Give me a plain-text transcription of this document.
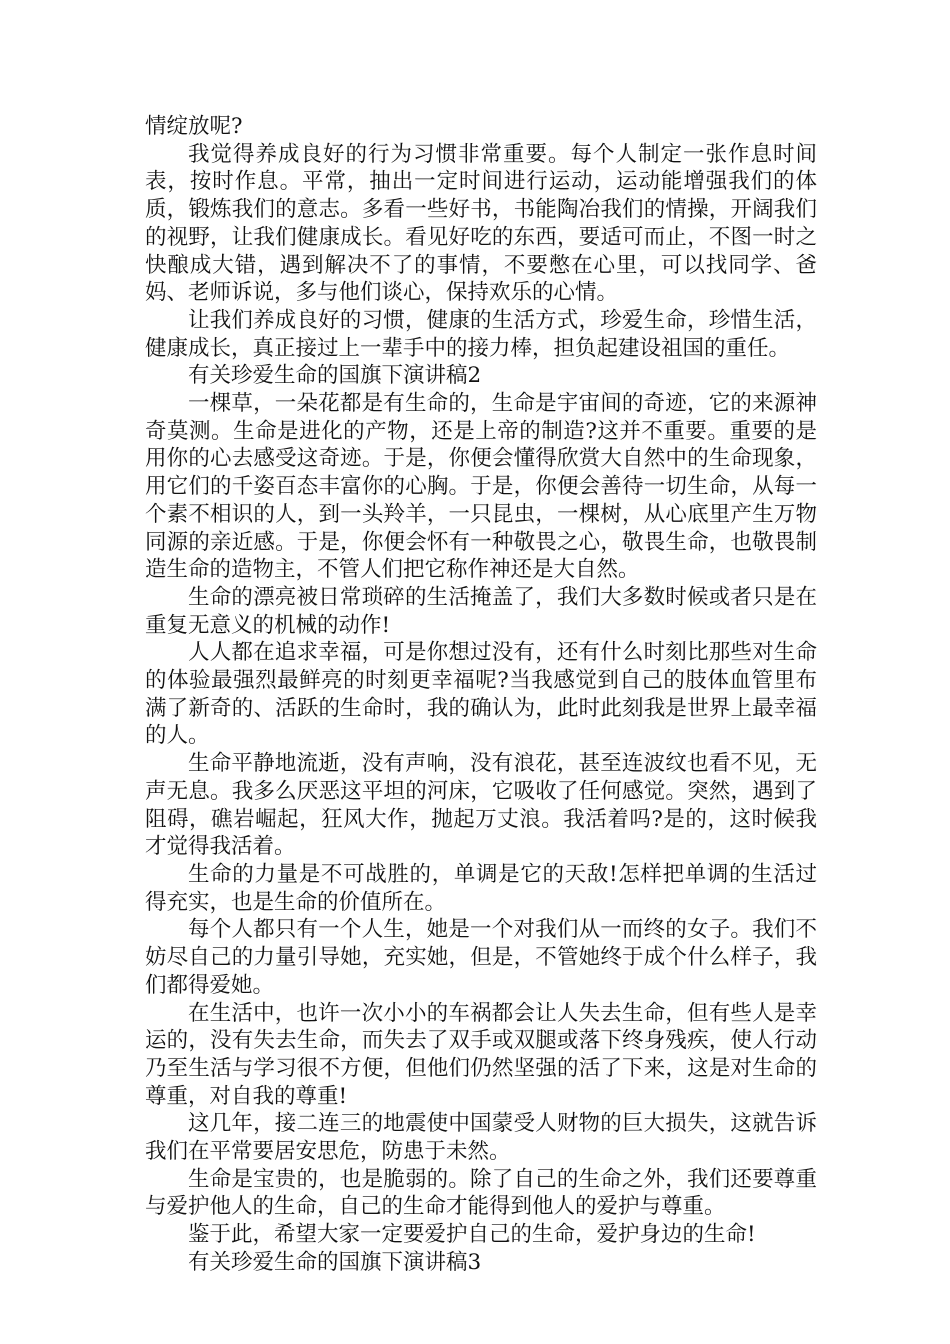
情绽放呢?

我觉得养成良好的行为习惯非常重要。每个人制定一张作息时间表，按时作息。平常，抽出一定时间进行运动，运动能增强我们的体质，锻炼我们的意志。多看一些好书，书能陶冶我们的情操，开阔我们的视野，让我们健康成长。看见好吃的东西，要适可而止，不图一时之快酿成大错，遇到解决不了的事情，不要憋在心里，可以找同学、爸妈、老师诉说，多与他们谈心，保持欢乐的心情。

让我们养成良好的习惯，健康的生活方式，珍爱生命，珍惜生活，健康成长，真正接过上一辈手中的接力棒，担负起建设祖国的重任。

有关珍爱生命的国旗下演讲稿2

一棵草，一朵花都是有生命的，生命是宇宙间的奇迹，它的来源神奇莫测。生命是进化的产物，还是上帝的制造?这并不重要。重要的是用你的心去感受这奇迹。于是，你便会懂得欣赏大自然中的生命现象，用它们的千姿百态丰富你的心胸。于是，你便会善待一切生命，从每一个素不相识的人，到一头羚羊，一只昆虫，一棵树，从心底里产生万物同源的亲近感。于是，你便会怀有一种敬畏之心，敬畏生命，也敬畏制造生命的造物主，不管人们把它称作神还是大自然。

生命的漂亮被日常琐碎的生活掩盖了，我们大多数时候或者只是在重复无意义的机械的动作!

人人都在追求幸福，可是你想过没有，还有什么时刻比那些对生命的体验最强烈最鲜亮的时刻更幸福呢?当我感觉到自己的肢体血管里布满了新奇的、活跃的生命时，我的确认为，此时此刻我是世界上最幸福的人。

生命平静地流逝，没有声响，没有浪花，甚至连波纹也看不见，无声无息。我多么厌恶这平坦的河床，它吸收了任何感觉。突然，遇到了阻碍，礁岩崛起，狂风大作，抛起万丈浪。我活着吗?是的，这时候我才觉得我活着。

生命的力量是不可战胜的，单调是它的天敌!怎样把单调的生活过得充实，也是生命的价值所在。

每个人都只有一个人生，她是一个对我们从一而终的女子。我们不妨尽自己的力量引导她，充实她，但是，不管她终于成个什么样子，我们都得爱她。

在生活中，也许一次小小的车祸都会让人失去生命，但有些人是幸运的，没有失去生命，而失去了双手或双腿或落下终身残疾，使人行动乃至生活与学习很不方便，但他们仍然坚强的活了下来，这是对生命的尊重，对自我的尊重!

这几年，接二连三的地震使中国蒙受人财物的巨大损失，这就告诉我们在平常要居安思危，防患于未然。

生命是宝贵的，也是脆弱的。除了自己的生命之外，我们还要尊重与爱护他人的生命，自己的生命才能得到他人的爱护与尊重。

鉴于此，希望大家一定要爱护自己的生命，爱护身边的生命!

有关珍爱生命的国旗下演讲稿3
